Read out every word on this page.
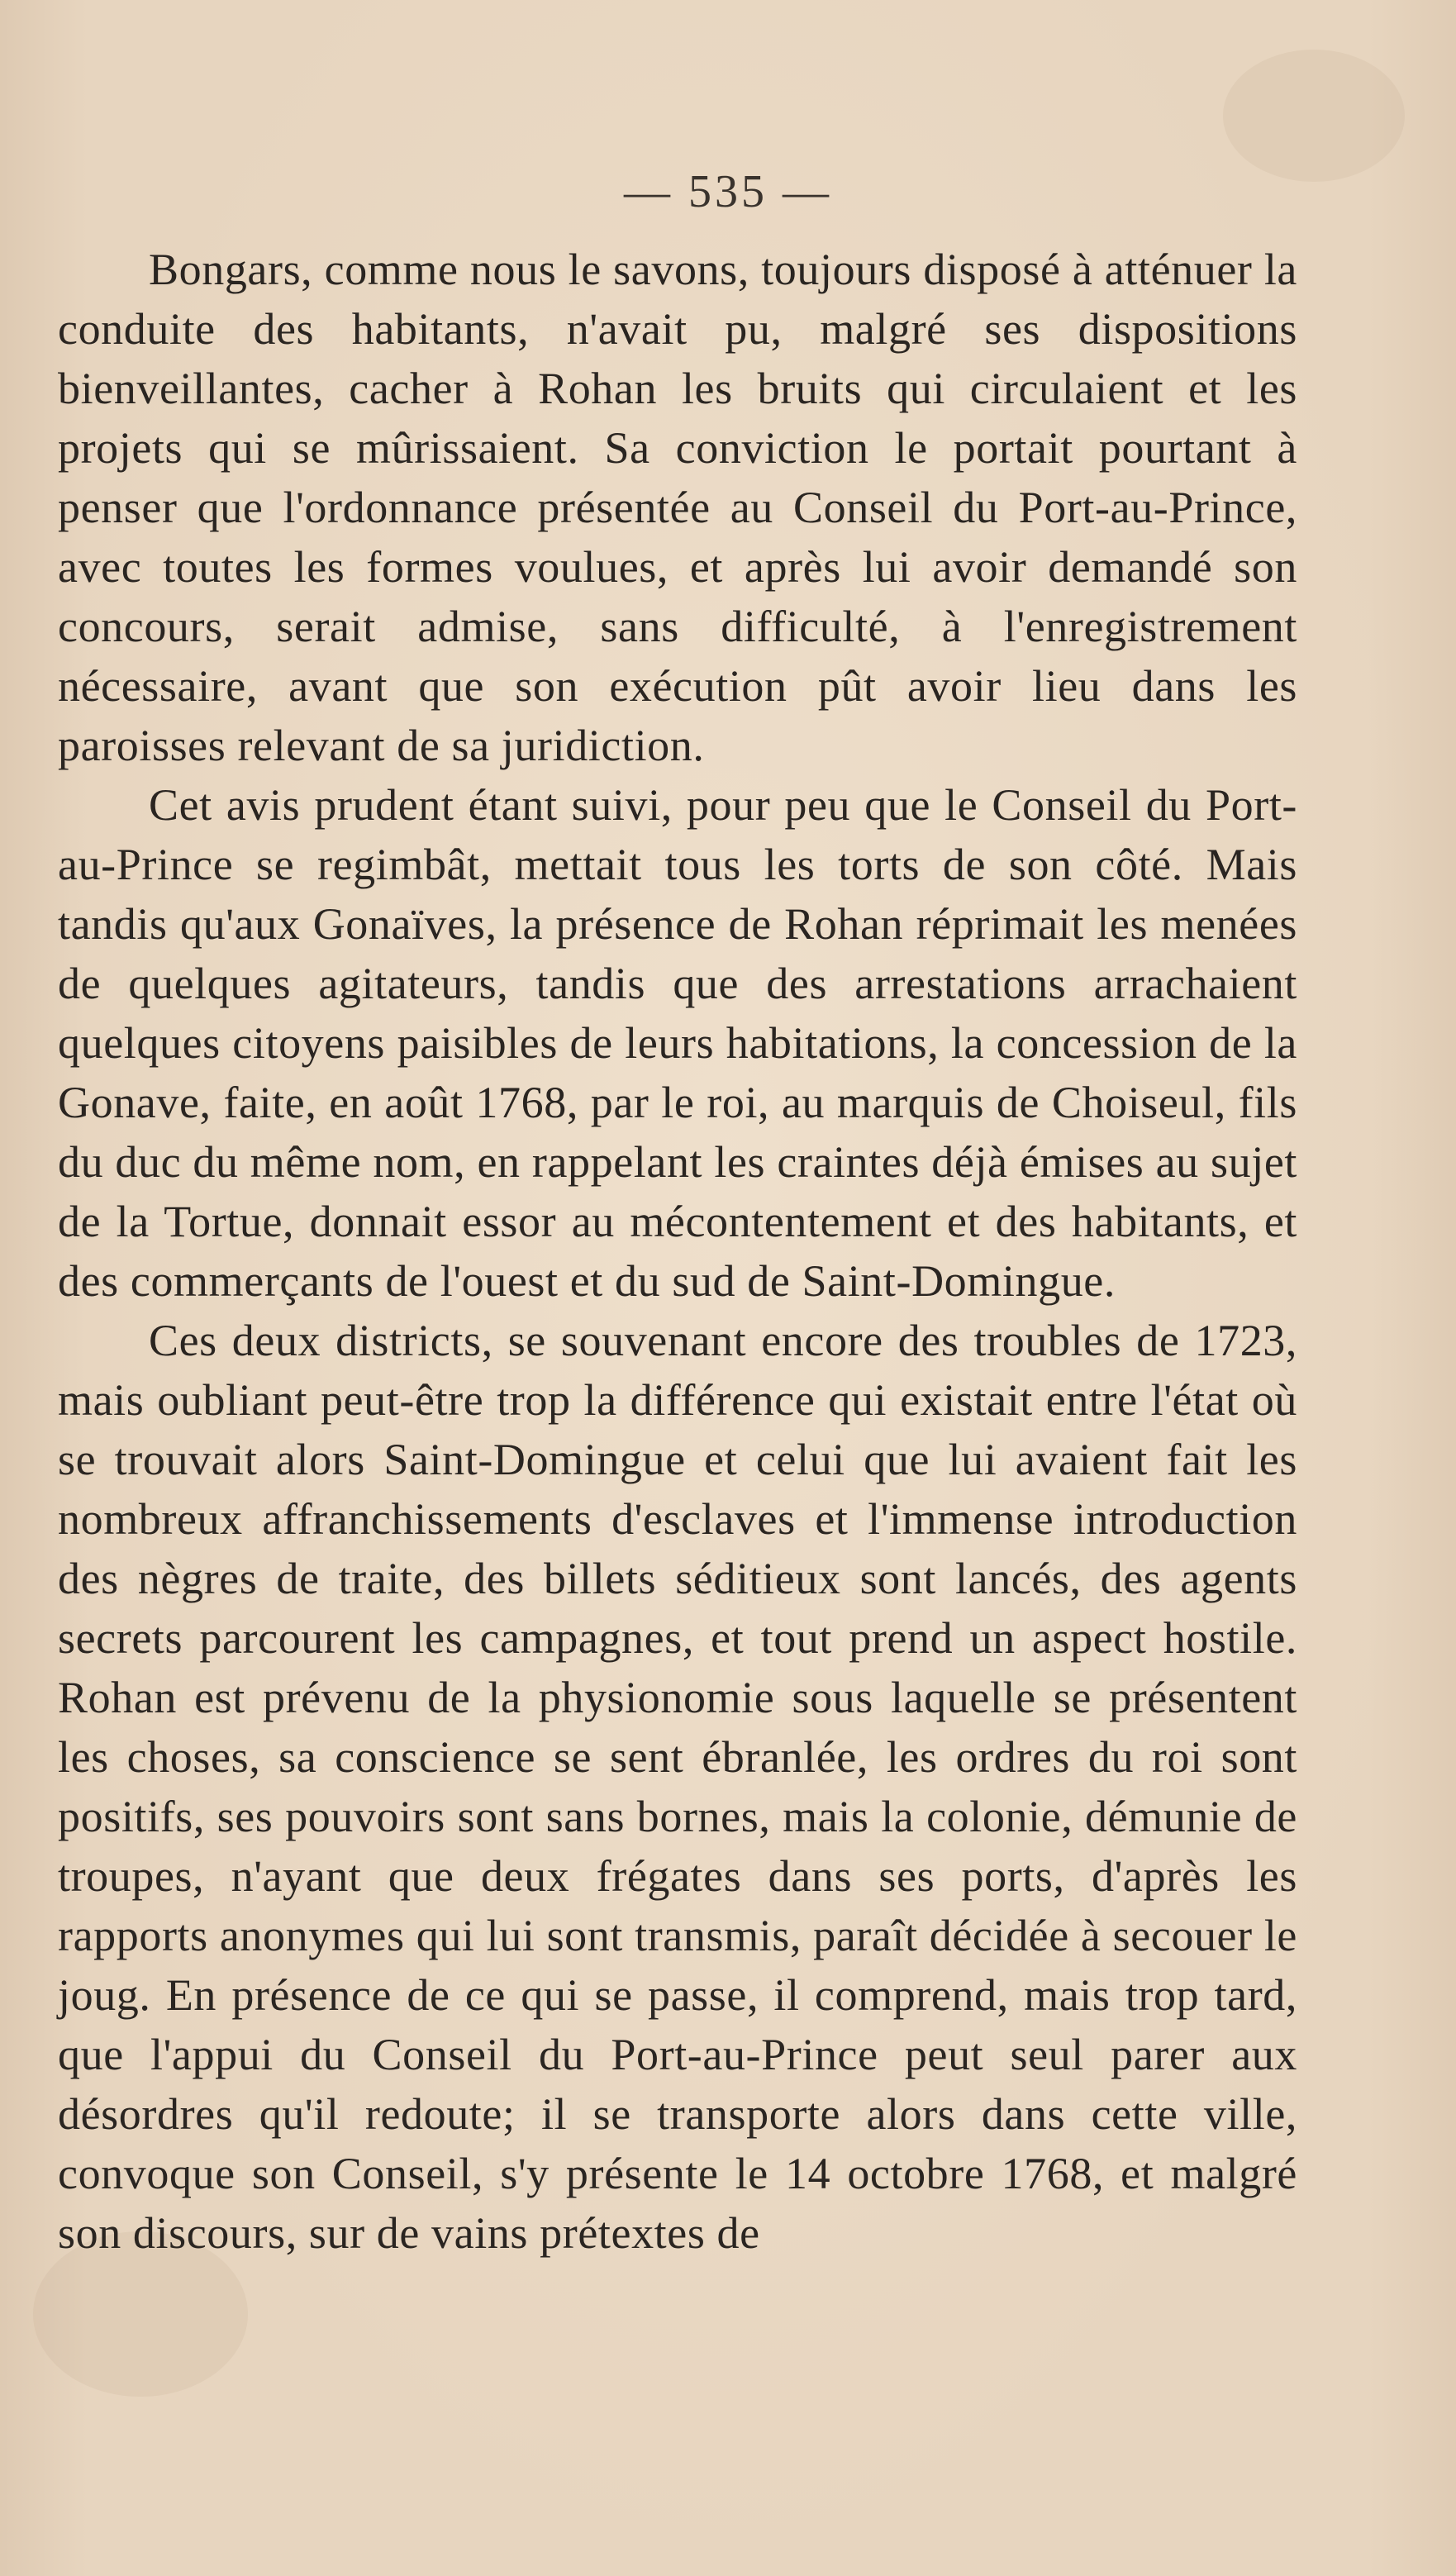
— 535 —

Bongars, comme nous le savons, toujours disposé à atténuer la conduite des habitants, n'avait pu, malgré ses dispositions bienveillantes, cacher à Rohan les bruits qui circulaient et les projets qui se mûrissaient. Sa conviction le portait pourtant à penser que l'ordonnance présentée au Conseil du Port-au-Prince, avec toutes les formes voulues, et après lui avoir demandé son concours, serait admise, sans difficulté, à l'enregistrement nécessaire, avant que son exécution pût avoir lieu dans les paroisses relevant de sa juridiction.

Cet avis prudent étant suivi, pour peu que le Conseil du Port-au-Prince se regimbât, mettait tous les torts de son côté. Mais tandis qu'aux Gonaïves, la présence de Rohan réprimait les menées de quelques agitateurs, tandis que des arrestations arrachaient quelques citoyens paisibles de leurs habitations, la concession de la Gonave, faite, en août 1768, par le roi, au marquis de Choiseul, fils du duc du même nom, en rappelant les craintes déjà émises au sujet de la Tortue, donnait essor au mécontentement et des habitants, et des commerçants de l'ouest et du sud de Saint-Domingue.

Ces deux districts, se souvenant encore des troubles de 1723, mais oubliant peut-être trop la différence qui existait entre l'état où se trouvait alors Saint-Domingue et celui que lui avaient fait les nombreux affranchissements d'esclaves et l'immense introduction des nègres de traite, des billets séditieux sont lancés, des agents secrets parcourent les campagnes, et tout prend un aspect hostile. Rohan est prévenu de la physionomie sous laquelle se présentent les choses, sa conscience se sent ébranlée, les ordres du roi sont positifs, ses pouvoirs sont sans bornes, mais la colonie, démunie de troupes, n'ayant que deux frégates dans ses ports, d'après les rapports anonymes qui lui sont transmis, paraît décidée à secouer le joug. En présence de ce qui se passe, il comprend, mais trop tard, que l'appui du Conseil du Port-au-Prince peut seul parer aux désordres qu'il redoute; il se transporte alors dans cette ville, convoque son Conseil, s'y présente le 14 octobre 1768, et malgré son discours, sur de vains prétextes de
